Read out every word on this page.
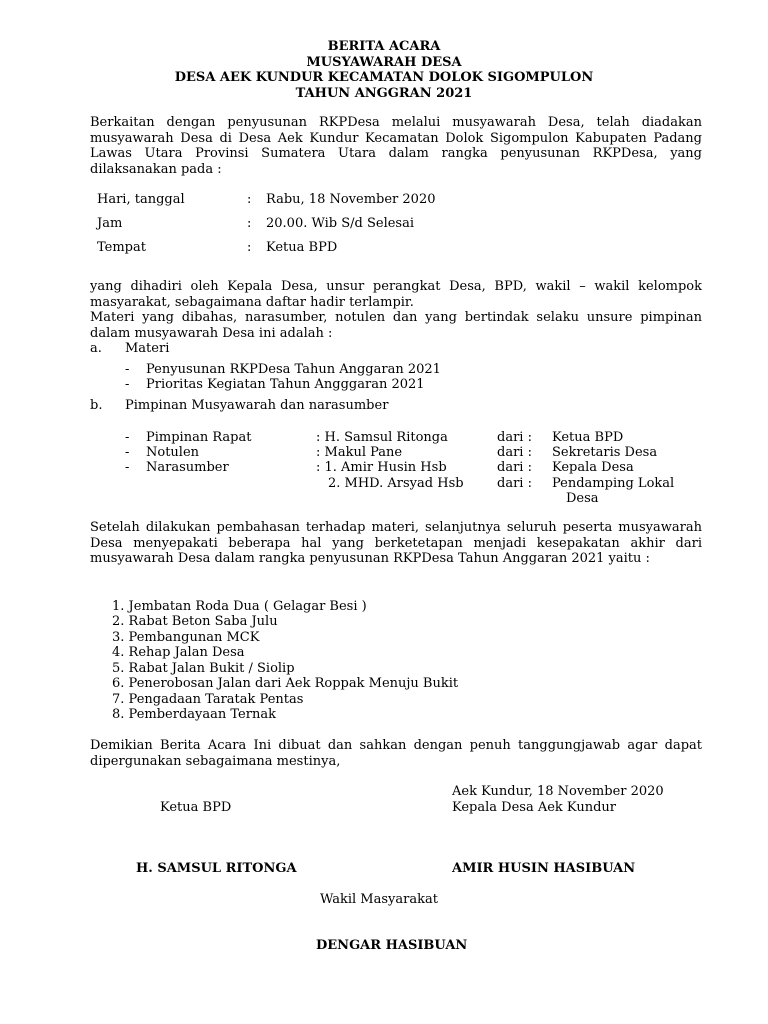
BERITA ACARA
MUSYAWARAH DESA
DESA AEK KUNDUR KECAMATAN DOLOK SIGOMPULON
TAHUN ANGGRAN 2021
Berkaitan dengan penyusunan RKPDesa melalui musyawarah Desa, telah diadakan musyawarah Desa di Desa Aek Kundur Kecamatan Dolok Sigompulon Kabupaten Padang Lawas Utara Provinsi Sumatera Utara dalam rangka penyusunan RKPDesa, yang dilaksanakan pada :
Hari, tanggal	: Rabu, 18 November 2020
Jam	: 20.00. Wib S/d Selesai
Tempat	: Ketua BPD
yang dihadiri oleh Kepala Desa, unsur perangkat Desa, BPD, wakil – wakil kelompok masyarakat, sebagaimana daftar hadir terlampir.
Materi yang dibahas, narasumber, notulen dan yang bertindak selaku unsure pimpinan dalam musyawarah Desa ini adalah :
a. Materi
- Penyusunan RKPDesa Tahun Anggaran 2021
- Prioritas Kegiatan Tahun Angggaran 2021
b. Pimpinan Musyawarah dan narasumber
- Pimpinan Rapat	: H. Samsul Ritonga	dari : Ketua BPD
- Notulen	: Makul Pane	dari : Sekretaris Desa
- Narasumber	: 1. Amir Husin Hsb	dari : Kepala Desa
2. MHD. Arsyad Hsb	dari : Pendamping Lokal
Desa
Setelah dilakukan pembahasan terhadap materi, selanjutnya seluruh peserta musyawarah Desa menyepakati beberapa hal yang berketetapan menjadi kesepakatan akhir dari musyawarah Desa dalam rangka penyusunan RKPDesa Tahun Anggaran 2021 yaitu :
1. Jembatan Roda Dua ( Gelagar Besi )
2. Rabat Beton Saba Julu
3. Pembangunan MCK
4. Rehap Jalan Desa
5. Rabat Jalan Bukit / Siolip
6. Penerobosan Jalan dari Aek Roppak Menuju Bukit
7. Pengadaan Taratak Pentas
8. Pemberdayaan Ternak
Demikian Berita Acara Ini dibuat dan sahkan dengan penuh tanggungjawab agar dapat dipergunakan sebagaimana mestinya,
Aek Kundur, 18 November 2020
Ketua BPD	Kepala Desa Aek Kundur
H. SAMSUL RITONGA	AMIR HUSIN HASIBUAN
Wakil Masyarakat
DENGAR HASIBUAN
